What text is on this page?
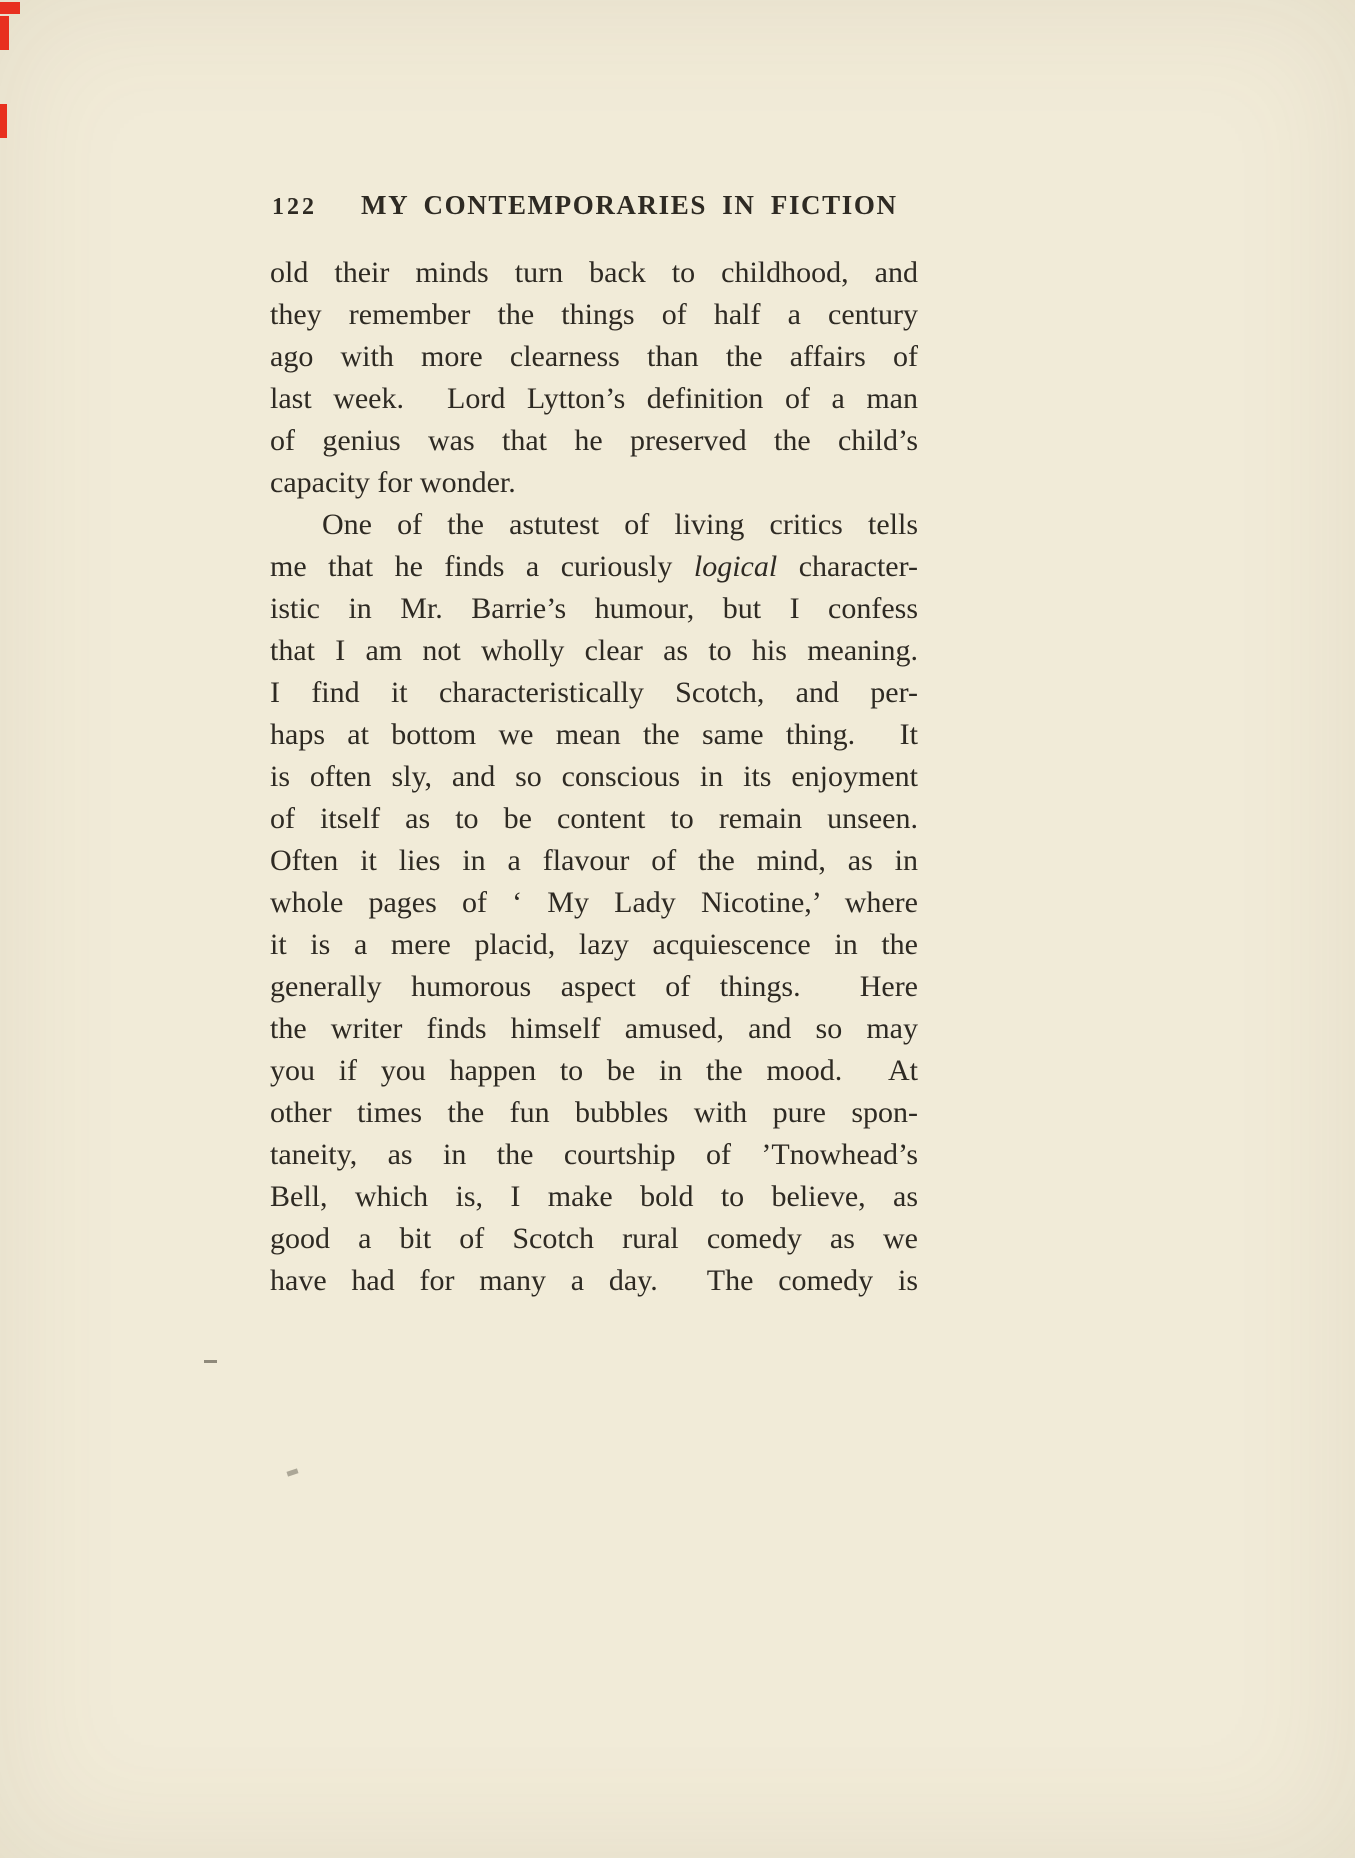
122 MY CONTEMPORARIES IN FICTION
old their minds turn back to childhood, and
they remember the things of half a century
ago with more clearness than the affairs of
last week.  Lord Lytton’s definition of a man
of genius was that he preserved the child’s
capacity for wonder.
One of the astutest of living critics tells
me that he finds a curiously logical character-
istic in Mr. Barrie’s humour, but I confess
that I am not wholly clear as to his meaning.
I find it characteristically Scotch, and per-
haps at bottom we mean the same thing.  It
is often sly, and so conscious in its enjoyment
of itself as to be content to remain unseen.
Often it lies in a flavour of the mind, as in
whole pages of ‘ My Lady Nicotine,’ where
it is a mere placid, lazy acquiescence in the
generally humorous aspect of things.  Here
the writer finds himself amused, and so may
you if you happen to be in the mood.  At
other times the fun bubbles with pure spon-
taneity, as in the courtship of ’Tnowhead’s
Bell, which is, I make bold to believe, as
good a bit of Scotch rural comedy as we
have had for many a day.  The comedy is
